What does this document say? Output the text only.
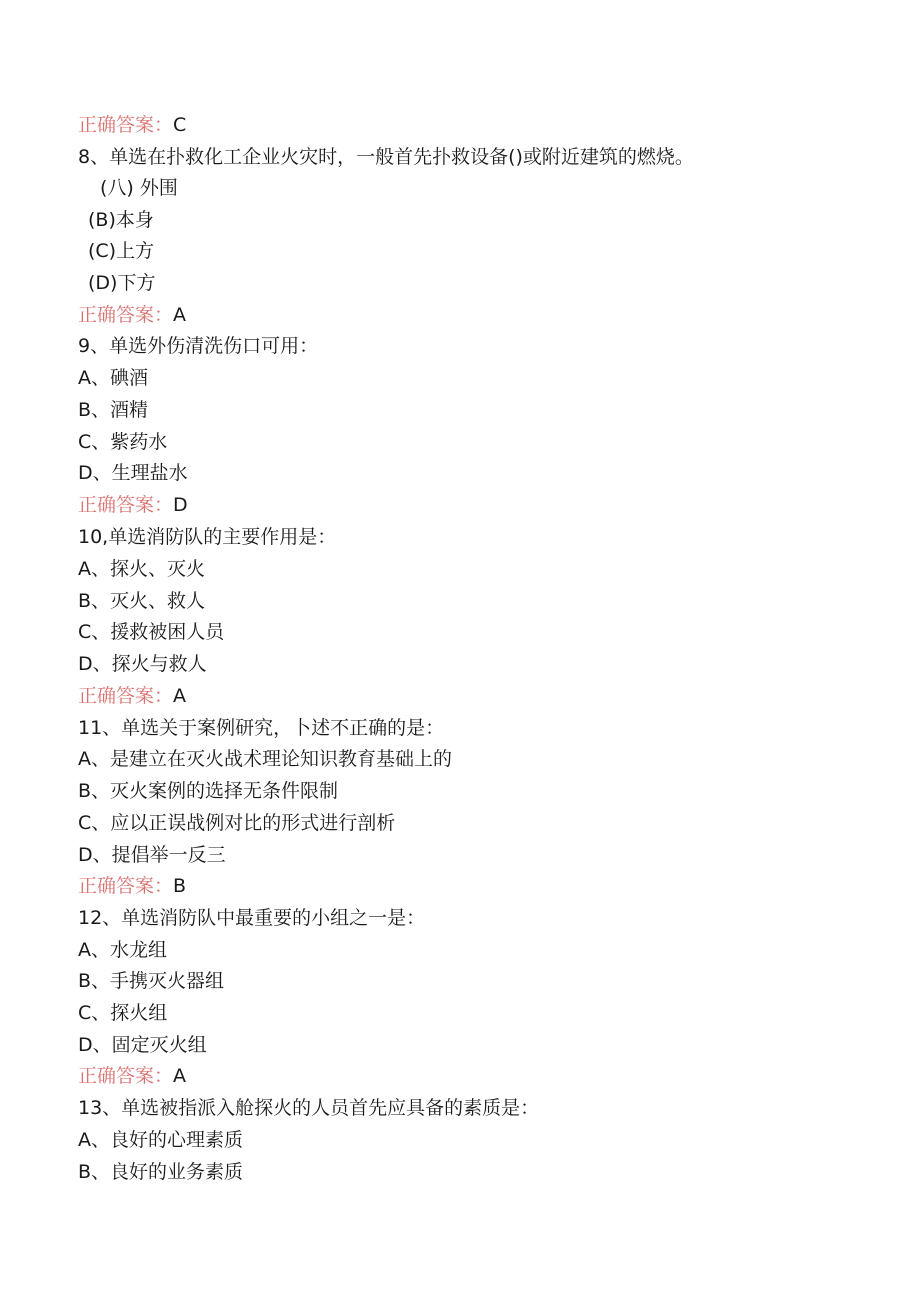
正确答案：C
8、单选在扑救化工企业火灾时，一般首先扑救设备()或附近建筑的燃烧。
(八) 外围
(B)本身
(C)上方
(D)下方
正确答案：A
9、单选外伤清洗伤口可用：
A、碘酒
B、酒精
C、紫药水
D、生理盐水
正确答案：D
10,单选消防队的主要作用是：
A、探火、灭火
B、灭火、救人
C、援救被困人员
D、探火与救人
正确答案：A
11、单选关于案例研究，卜述不正确的是：
A、是建立在灭火战术理论知识教育基础上的
B、灭火案例的选择无条件限制
C、应以正误战例对比的形式进行剖析
D、提倡举一反三
正确答案：B
12、单选消防队中最重要的小组之一是：
A、水龙组
B、手携灭火器组
C、探火组
D、固定灭火组
正确答案：A
13、单选被指派入舱探火的人员首先应具备的素质是：
A、良好的心理素质
B、良好的业务素质
